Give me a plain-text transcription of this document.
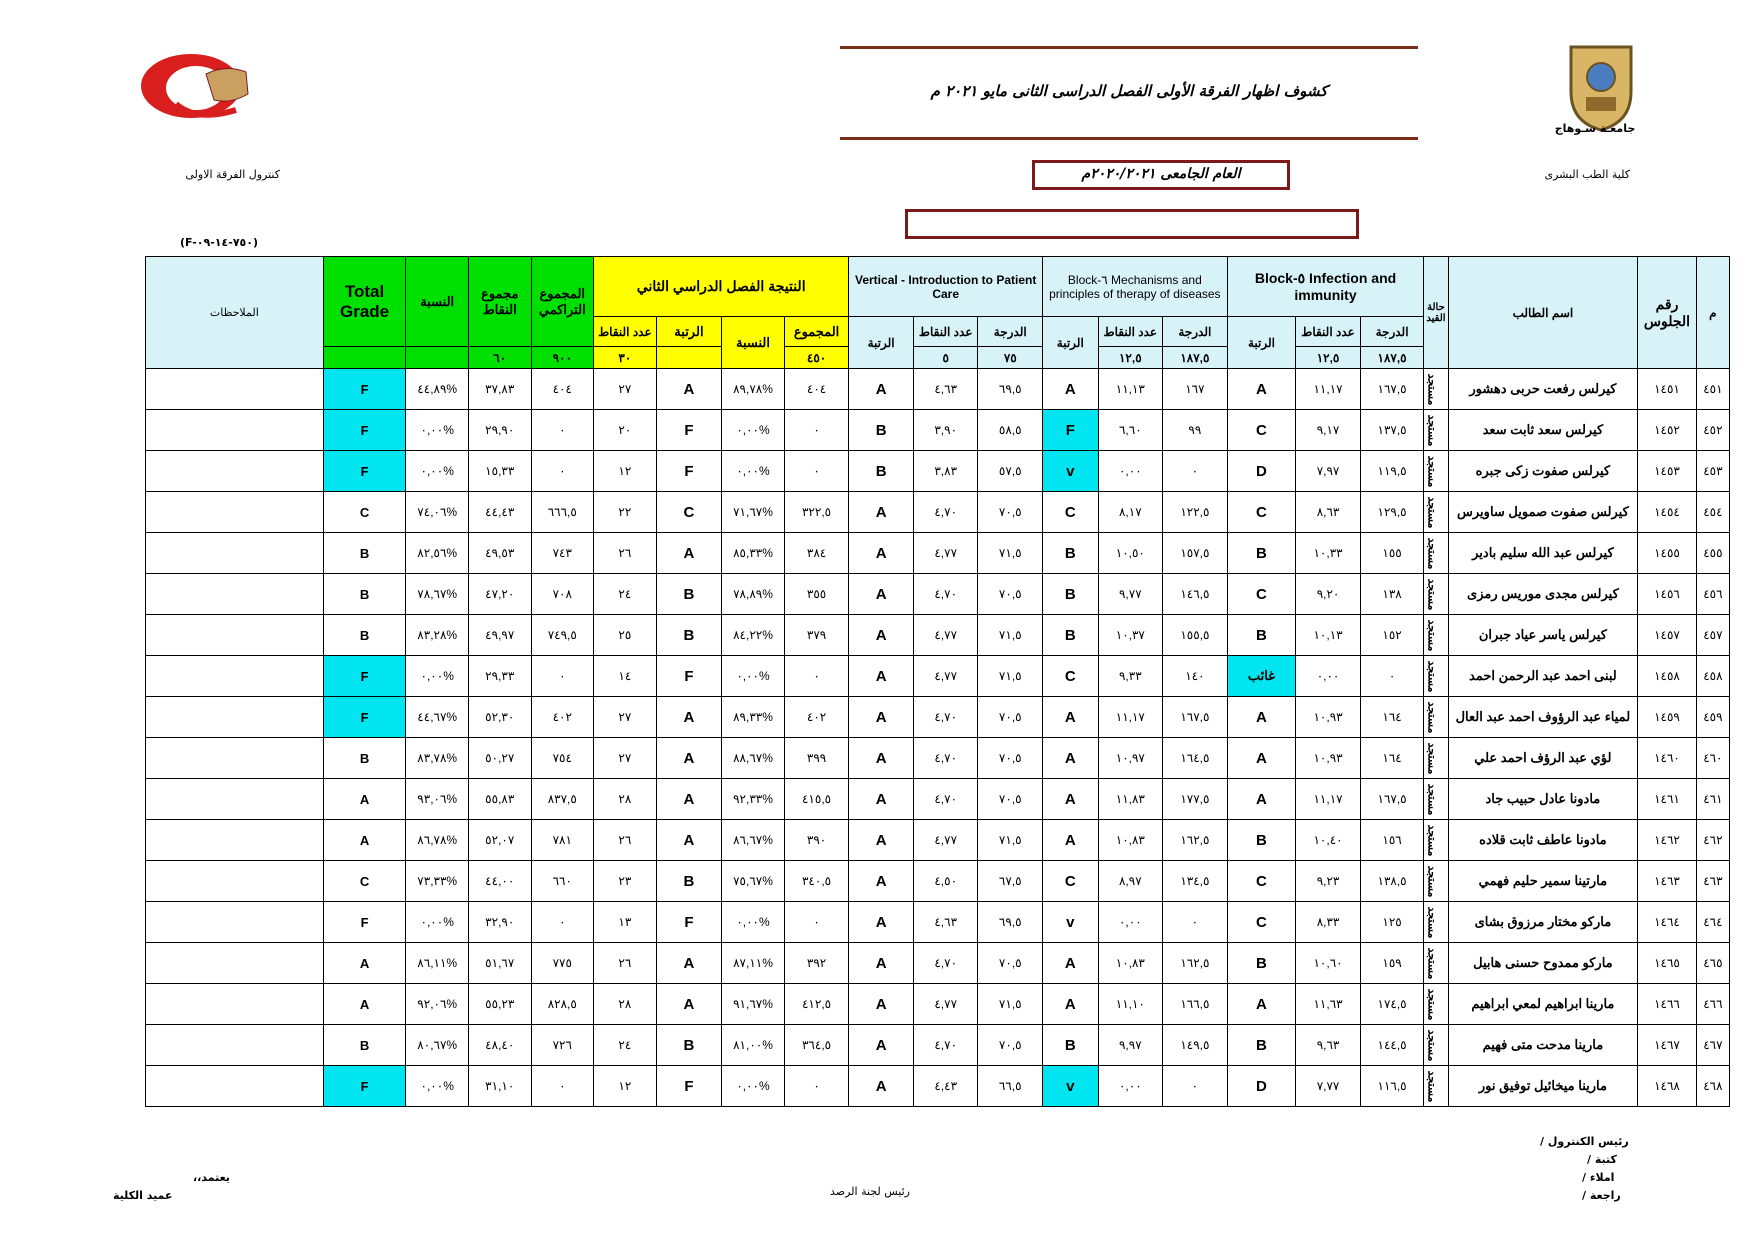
جامعـة سـوهاج
كشوف اظهار الفرقة الأولى الفصل الدراسى الثانى مايو ٢٠٢١ م
كلية الطب البشرى
كنترول الفرقة الاولى	العام الجامعى ٢٠٢٠/٢٠٢١م
(F-٧٥٠-١٤-٠٩)
م	رقم الجلوس	اسم الطالب	حالة القيد	Block-٥ Infection and immunity			Block-٦ Mechanisms and principles of therapy of diseases			Vertical - Introduction to Patient Care			النتيجة الفصل الدراسي الثاني				المجموع التراكمي	مجموع النقاط	النسبة	Total Grade	الملاحظات
				الدرجة	عدد النقاط	الرتبة	الدرجة	عدد النقاط	الرتبة	الدرجة	عدد النقاط	الرتبة	المجموع	النسبة	الرتبة	عدد النقاط					
				١٨٧,٥	١٢,٥		١٨٧,٥	١٢,٥		٧٥	٥		٤٥٠			٣٠	٩٠٠	٦٠			
٤٥١	١٤٥١	كيرلس رفعت حربى دهشور	مستجد	١٦٧,٥	١١,١٧	A	١٦٧	١١,١٣	A	٦٩,٥	٤,٦٣	A	٤٠٤	%٨٩,٧٨	A	٢٧	٤٠٤	٣٧,٨٣	%٤٤,٨٩	F	
٤٥٢	١٤٥٢	كيرلس سعد ثابت سعد	مستجد	١٣٧,٥	٩,١٧	C	٩٩	٦,٦٠	F	٥٨,٥	٣,٩٠	B	٠	%٠,٠٠	F	٢٠	٠	٢٩,٩٠	%٠,٠٠	F	
٤٥٣	١٤٥٣	كيرلس صفوت زكى جبره	مستجد	١١٩,٥	٧,٩٧	D	٠	٠,٠٠	v	٥٧,٥	٣,٨٣	B	٠	%٠,٠٠	F	١٢	٠	١٥,٣٣	%٠,٠٠	F	
٤٥٤	١٤٥٤	كيرلس صفوت صمويل ساويرس	مستجد	١٢٩,٥	٨,٦٣	C	١٢٢,٥	٨,١٧	C	٧٠,٥	٤,٧٠	A	٣٢٢,٥	%٧١,٦٧	C	٢٢	٦٦٦,٥	٤٤,٤٣	%٧٤,٠٦	C	
٤٥٥	١٤٥٥	كيرلس عبد الله سليم بادير	مستجد	١٥٥	١٠,٣٣	B	١٥٧,٥	١٠,٥٠	B	٧١,٥	٤,٧٧	A	٣٨٤	%٨٥,٣٣	A	٢٦	٧٤٣	٤٩,٥٣	%٨٢,٥٦	B	
٤٥٦	١٤٥٦	كيرلس مجدى موريس رمزى	مستجد	١٣٨	٩,٢٠	C	١٤٦,٥	٩,٧٧	B	٧٠,٥	٤,٧٠	A	٣٥٥	%٧٨,٨٩	B	٢٤	٧٠٨	٤٧,٢٠	%٧٨,٦٧	B	
٤٥٧	١٤٥٧	كيرلس ياسر عياد جبران	مستجد	١٥٢	١٠,١٣	B	١٥٥,٥	١٠,٣٧	B	٧١,٥	٤,٧٧	A	٣٧٩	%٨٤,٢٢	B	٢٥	٧٤٩,٥	٤٩,٩٧	%٨٣,٢٨	B	
٤٥٨	١٤٥٨	لبنى احمد عبد الرحمن احمد	مستجد	٠	٠,٠٠	غائب	١٤٠	٩,٣٣	C	٧١,٥	٤,٧٧	A	٠	%٠,٠٠	F	١٤	٠	٢٩,٣٣	%٠,٠٠	F	
٤٥٩	١٤٥٩	لمياء عبد الرؤوف احمد عبد العال	مستجد	١٦٤	١٠,٩٣	A	١٦٧,٥	١١,١٧	A	٧٠,٥	٤,٧٠	A	٤٠٢	%٨٩,٣٣	A	٢٧	٤٠٢	٥٢,٣٠	%٤٤,٦٧	F	
٤٦٠	١٤٦٠	لؤي عبد الرؤف احمد علي	مستجد	١٦٤	١٠,٩٣	A	١٦٤,٥	١٠,٩٧	A	٧٠,٥	٤,٧٠	A	٣٩٩	%٨٨,٦٧	A	٢٧	٧٥٤	٥٠,٢٧	%٨٣,٧٨	B	
٤٦١	١٤٦١	مادونا عادل حبيب جاد	مستجد	١٦٧,٥	١١,١٧	A	١٧٧,٥	١١,٨٣	A	٧٠,٥	٤,٧٠	A	٤١٥,٥	%٩٢,٣٣	A	٢٨	٨٣٧,٥	٥٥,٨٣	%٩٣,٠٦	A	
٤٦٢	١٤٦٢	مادونا عاطف ثابت قلاده	مستجد	١٥٦	١٠,٤٠	B	١٦٢,٥	١٠,٨٣	A	٧١,٥	٤,٧٧	A	٣٩٠	%٨٦,٦٧	A	٢٦	٧٨١	٥٢,٠٧	%٨٦,٧٨	A	
٤٦٣	١٤٦٣	مارتينا سمير حليم فهمي	مستجد	١٣٨,٥	٩,٢٣	C	١٣٤,٥	٨,٩٧	C	٦٧,٥	٤,٥٠	A	٣٤٠,٥	%٧٥,٦٧	B	٢٣	٦٦٠	٤٤,٠٠	%٧٣,٣٣	C	
٤٦٤	١٤٦٤	ماركو مختار مرزوق بشاى	مستجد	١٢٥	٨,٣٣	C	٠	٠,٠٠	v	٦٩,٥	٤,٦٣	A	٠	%٠,٠٠	F	١٣	٠	٣٢,٩٠	%٠,٠٠	F	
٤٦٥	١٤٦٥	ماركو ممدوح حسنى هابيل	مستجد	١٥٩	١٠,٦٠	B	١٦٢,٥	١٠,٨٣	A	٧٠,٥	٤,٧٠	A	٣٩٢	%٨٧,١١	A	٢٦	٧٧٥	٥١,٦٧	%٨٦,١١	A	
٤٦٦	١٤٦٦	مارينا ابراهيم لمعي ابراهيم	مستجد	١٧٤,٥	١١,٦٣	A	١٦٦,٥	١١,١٠	A	٧١,٥	٤,٧٧	A	٤١٢,٥	%٩١,٦٧	A	٢٨	٨٢٨,٥	٥٥,٢٣	%٩٢,٠٦	A	
٤٦٧	١٤٦٧	مارينا مدحت متى فهيم	مستجد	١٤٤,٥	٩,٦٣	B	١٤٩,٥	٩,٩٧	B	٧٠,٥	٤,٧٠	A	٣٦٤,٥	%٨١,٠٠	B	٢٤	٧٢٦	٤٨,٤٠	%٨٠,٦٧	B	
٤٦٨	١٤٦٨	مارينا ميخائيل توفيق نور	مستجد	١١٦,٥	٧,٧٧	D	٠	٠,٠٠	v	٦٦,٥	٤,٤٣	A	٠	%٠,٠٠	F	١٢	٠	٣١,١٠	%٠,٠٠	F	
رئيس الكنترول /
كتبة /
املاء /
راجعة /
رئيس لجنة الرصد
يعتمد،،
عميد الكلية
